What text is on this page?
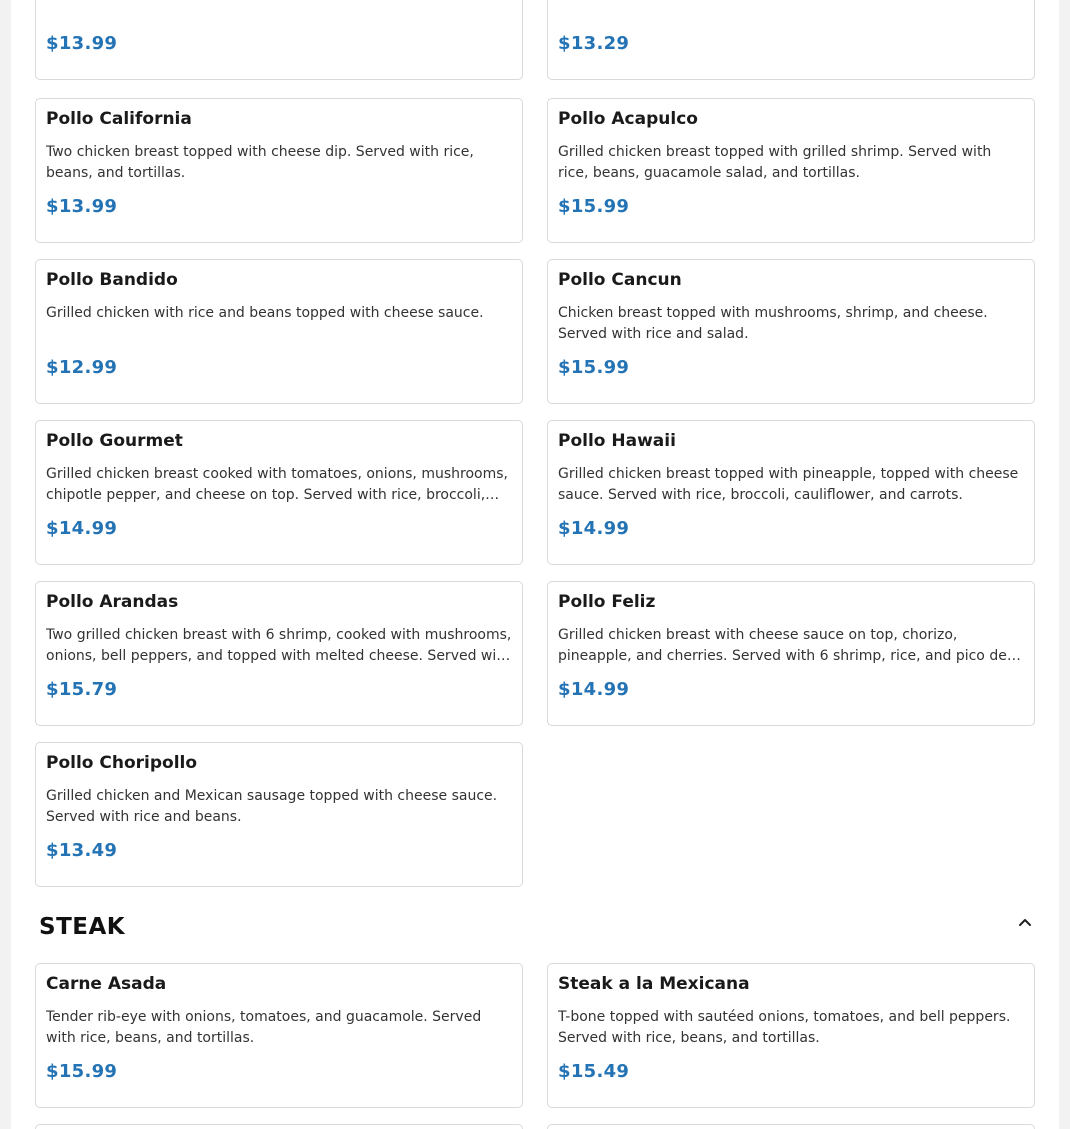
$13.99	$13.29
Pollo California
Two chicken breast topped with cheese dip. Served with rice, beans, and tortillas.
$13.99
Pollo Acapulco
Grilled chicken breast topped with grilled shrimp. Served with rice, beans, guacamole salad, and tortillas.
$15.99
Pollo Bandido
Grilled chicken with rice and beans topped with cheese sauce.
$12.99
Pollo Cancun
Chicken breast topped with mushrooms, shrimp, and cheese. Served with rice and salad.
$15.99
Pollo Gourmet
Grilled chicken breast cooked with tomatoes, onions, mushrooms, chipotle pepper, and cheese on top. Served with rice, broccoli,
$14.99
Pollo Hawaii
Grilled chicken breast topped with pineapple, topped with cheese sauce. Served with rice, broccoli, cauliflower, and carrots.
$14.99
Pollo Arandas
Two grilled chicken breast with 6 shrimp, cooked with mushrooms, onions, bell peppers, and topped with melted cheese. Served with
$15.79
Pollo Feliz
Grilled chicken breast with cheese sauce on top, chorizo, pineapple, and cherries. Served with 6 shrimp, rice, and pico de
$14.99
Pollo Choripollo
Grilled chicken and Mexican sausage topped with cheese sauce. Served with rice and beans.
$13.49
STEAK
Carne Asada
Tender rib-eye with onions, tomatoes, and guacamole. Served with rice, beans, and tortillas.
$15.99
Steak a la Mexicana
T-bone topped with sautéed onions, tomatoes, and bell peppers. Served with rice, beans, and tortillas.
$15.49
